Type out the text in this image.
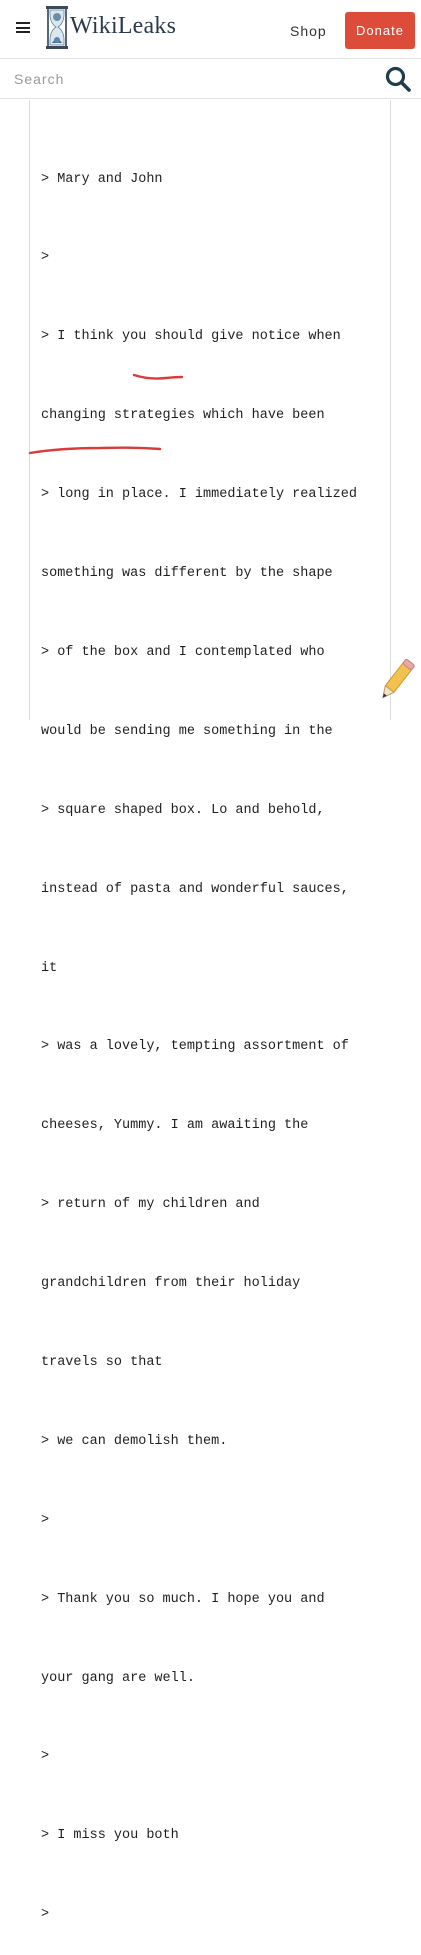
WikiLeaks	Shop	Donate
Search

> Mary and John

>

> I think you should give notice when

changing strategies which have been

> long in place. I immediately realized

something was different by the shape

> of the box and I contemplated who

would be sending me something in the

> square shaped box. Lo and behold,

instead of pasta and wonderful sauces,

it

> was a lovely, tempting assortment of

cheeses, Yummy. I am awaiting the

> return of my children and

grandchildren from their holiday

travels so that

> we can demolish them.

>

> Thank you so much. I hope you and

your gang are well.

>

> I miss you both

>
